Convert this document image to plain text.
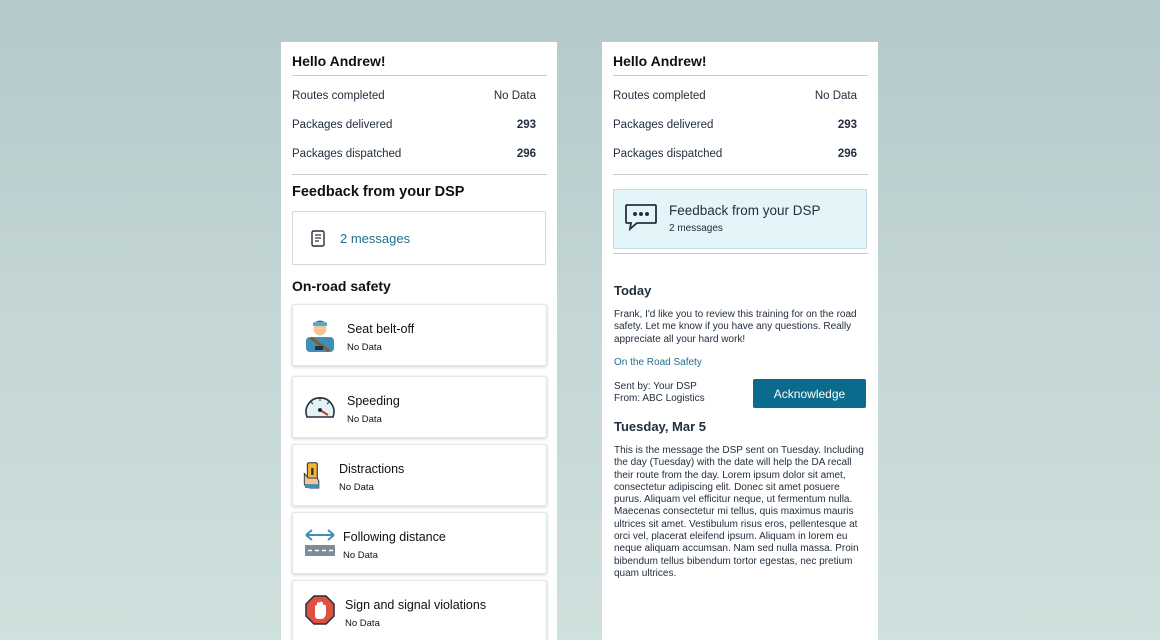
Hello Andrew!
Routes completed	No Data
Packages delivered	293
Packages dispatched	296
Feedback from your DSP
2 messages
On-road safety
Seat belt-off
No Data
Speeding
No Data
Distractions
No Data
Following distance
No Data
Sign and signal violations
No Data
Hello Andrew!
Routes completed	No Data
Packages delivered	293
Packages dispatched	296
Feedback from your DSP
2 messages
Today
Frank, I'd like you to review this training for on the road safety. Let me know if you have any questions. Really appreciate all your hard work!
On the Road Safety
Sent by: Your DSP
From: ABC Logistics	Acknowledge
Tuesday, Mar 5
This is the message the DSP sent on Tuesday. Including the day (Tuesday) with the date will help the DA recall their route from the day. Lorem ipsum dolor sit amet, consectetur adipiscing elit. Donec sit amet posuere purus. Aliquam vel efficitur neque, ut fermentum nulla. Maecenas consectetur mi tellus, quis maximus mauris ultrices sit amet. Vestibulum risus eros, pellentesque at orci vel, placerat eleifend ipsum. Aliquam in lorem eu neque aliquam accumsan. Nam sed nulla massa. Proin bibendum tellus bibendum tortor egestas, nec pretium quam ultrices.
